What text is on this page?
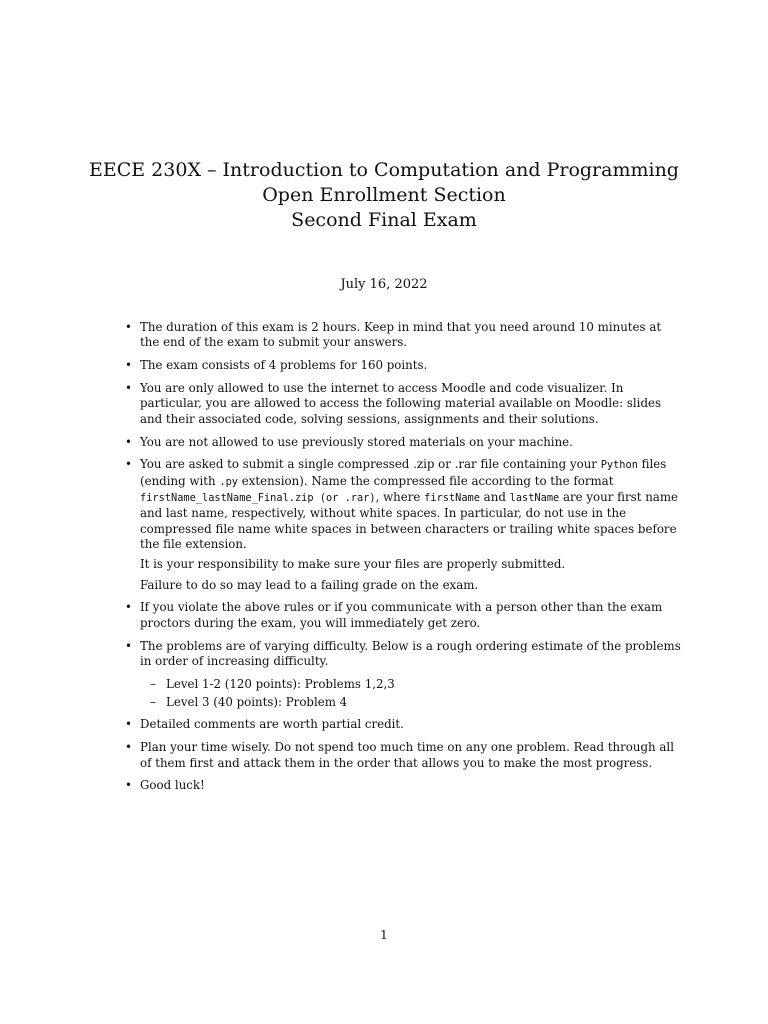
EECE 230X – Introduction to Computation and Programming
Open Enrollment Section
Second Final Exam
July 16, 2022

• The duration of this exam is 2 hours. Keep in mind that you need around 10 minutes at the end of the exam to submit your answers.

• The exam consists of 4 problems for 160 points.

• You are only allowed to use the internet to access Moodle and code visualizer. In particular, you are allowed to access the following material available on Moodle: slides and their associated code, solving sessions, assignments and their solutions.

• You are not allowed to use previously stored materials on your machine.

• You are asked to submit a single compressed .zip or .rar file containing your Python files (ending with .py extension). Name the compressed file according to the format firstName_lastName_Final.zip (or .rar), where firstName and lastName are your first name and last name, respectively, without white spaces. In particular, do not use in the compressed file name white spaces in between characters or trailing white spaces before the file extension.

It is your responsibility to make sure your files are properly submitted.

Failure to do so may lead to a failing grade on the exam.

• If you violate the above rules or if you communicate with a person other than the exam proctors during the exam, you will immediately get zero.

• The problems are of varying difficulty. Below is a rough ordering estimate of the problems in order of increasing difficulty.

– Level 1-2 (120 points): Problems 1,2,3
– Level 3 (40 points): Problem 4

• Detailed comments are worth partial credit.

• Plan your time wisely. Do not spend too much time on any one problem. Read through all of them first and attack them in the order that allows you to make the most progress.

• Good luck!

1
